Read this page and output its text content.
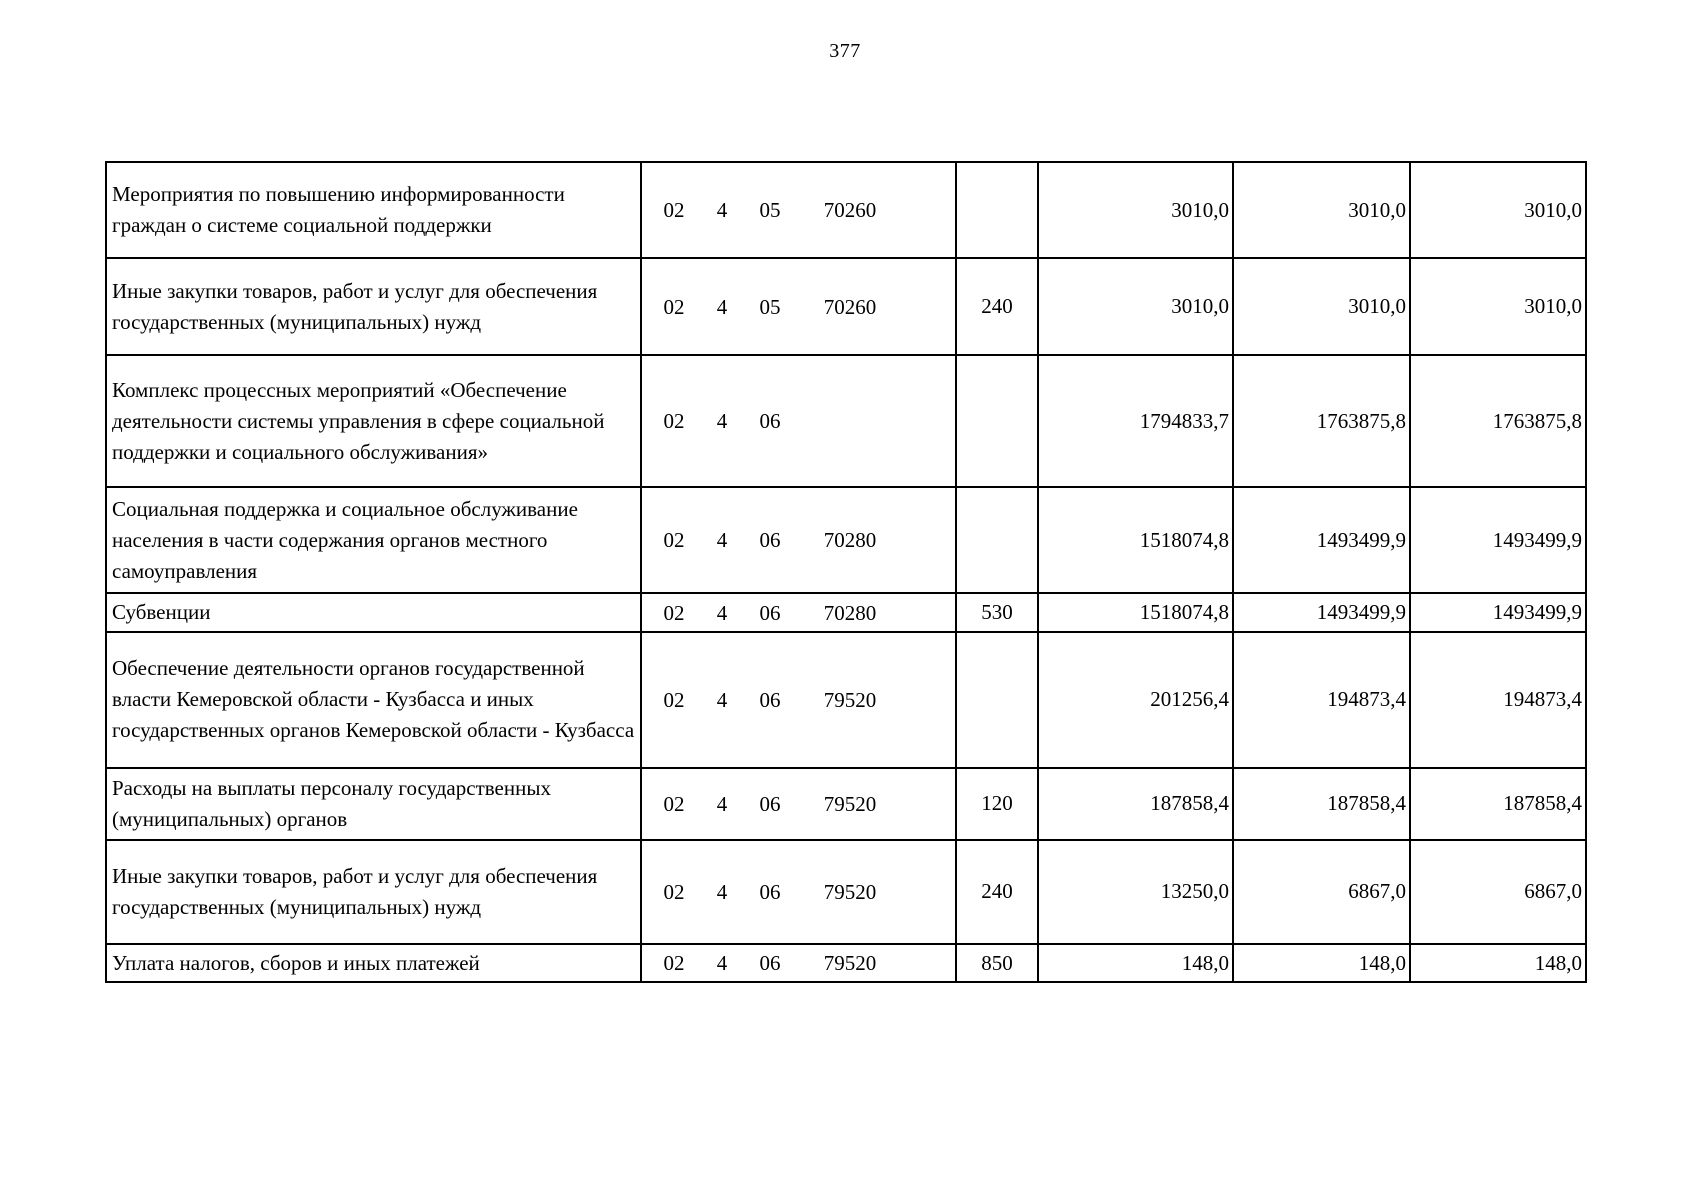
377
Мероприятия по повышению информированности граждан о системе социальной поддержки	02 4 05 70260		3010,0	3010,0	3010,0
Иные закупки товаров, работ и услуг для обеспечения государственных (муниципальных) нужд	02 4 05 70260	240	3010,0	3010,0	3010,0
Комплекс процессных мероприятий «Обеспечение деятельности системы управления в сфере социальной поддержки и социального обслуживания»	02 4 06		1794833,7	1763875,8	1763875,8
Социальная поддержка и социальное обслуживание населения в части содержания органов местного самоуправления	02 4 06 70280		1518074,8	1493499,9	1493499,9
Субвенции	02 4 06 70280	530	1518074,8	1493499,9	1493499,9
Обеспечение деятельности органов государственной власти Кемеровской области - Кузбасса и иных государственных органов Кемеровской области - Кузбасса	02 4 06 79520		201256,4	194873,4	194873,4
Расходы на выплаты персоналу государственных (муниципальных) органов	02 4 06 79520	120	187858,4	187858,4	187858,4
Иные закупки товаров, работ и услуг для обеспечения государственных (муниципальных) нужд	02 4 06 79520	240	13250,0	6867,0	6867,0
Уплата налогов, сборов и иных платежей	02 4 06 79520	850	148,0	148,0	148,0
